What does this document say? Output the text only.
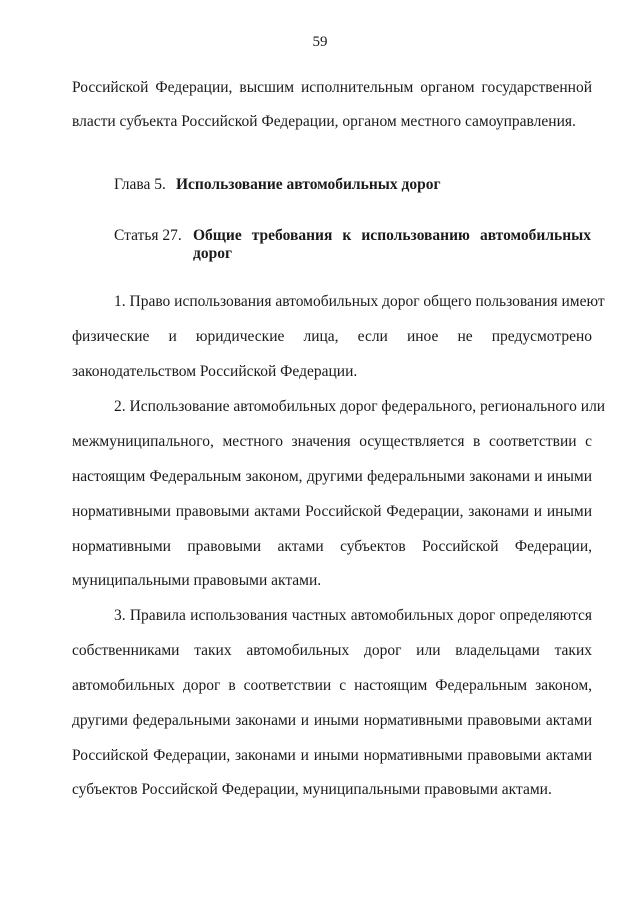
59
Российской Федерации, высшим исполнительным органом государственной
власти субъекта Российской Федерации, органом местного самоуправления.
Глава 5. Использование автомобильных дорог
Статья 27. Общие требования к использованию автомобильных
дорог
1. Право использования автомобильных дорог общего пользования имеют
физические и юридические лица, если иное не предусмотрено
законодательством Российской Федерации.
2. Использование автомобильных дорог федерального, регионального или
межмуниципального, местного значения осуществляется в соответствии с
настоящим Федеральным законом, другими федеральными законами и иными
нормативными правовыми актами Российской Федерации, законами и иными
нормативными правовыми актами субъектов Российской Федерации,
муниципальными правовыми актами.
3. Правила использования частных автомобильных дорог определяются
собственниками таких автомобильных дорог или владельцами таких
автомобильных дорог в соответствии с настоящим Федеральным законом,
другими федеральными законами и иными нормативными правовыми актами
Российской Федерации, законами и иными нормативными правовыми актами
субъектов Российской Федерации, муниципальными правовыми актами.
